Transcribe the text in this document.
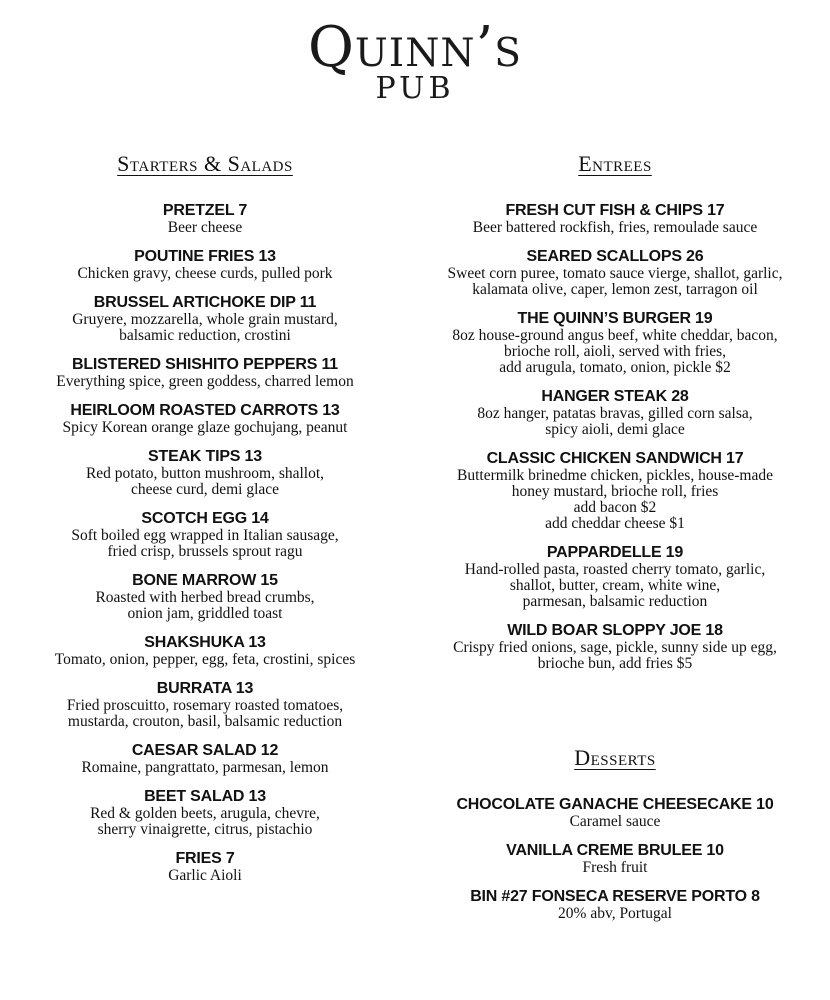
Quinn’s
PUB
Starters & Salads
PRETZEL 7
Beer cheese
POUTINE FRIES 13
Chicken gravy, cheese curds, pulled pork
BRUSSEL ARTICHOKE DIP 11
Gruyere, mozzarella, whole grain mustard,
balsamic reduction, crostini
BLISTERED SHISHITO PEPPERS 11
Everything spice, green goddess, charred lemon
HEIRLOOM ROASTED CARROTS 13
Spicy Korean orange glaze gochujang, peanut
STEAK TIPS 13
Red potato, button mushroom, shallot,
cheese curd, demi glace
SCOTCH EGG 14
Soft boiled egg wrapped in Italian sausage,
fried crisp, brussels sprout ragu
BONE MARROW 15
Roasted with herbed bread crumbs,
onion jam, griddled toast
SHAKSHUKA 13
Tomato, onion, pepper, egg, feta, crostini, spices
BURRATA 13
Fried proscuitto, rosemary roasted tomatoes,
mustarda, crouton, basil, balsamic reduction
CAESAR SALAD 12
Romaine, pangrattato, parmesan, lemon
BEET SALAD 13
Red & golden beets, arugula, chevre,
sherry vinaigrette, citrus, pistachio
FRIES 7
Garlic Aioli
Entrees
FRESH CUT FISH & CHIPS 17
Beer battered rockfish, fries, remoulade sauce
SEARED SCALLOPS 26
Sweet corn puree, tomato sauce vierge, shallot, garlic,
kalamata olive, caper, lemon zest, tarragon oil
THE QUINN’S BURGER 19
8oz house-ground angus beef, white cheddar, bacon,
brioche roll, aioli, served with fries,
add arugula, tomato, onion, pickle $2
HANGER STEAK 28
8oz hanger, patatas bravas, gilled corn salsa,
spicy aioli, demi glace
CLASSIC CHICKEN SANDWICH 17
Buttermilk brinedme chicken, pickles, house-made
honey mustard, brioche roll, fries
add bacon $2
add cheddar cheese $1
PAPPARDELLE 19
Hand-rolled pasta, roasted cherry tomato, garlic,
shallot, butter, cream, white wine,
parmesan, balsamic reduction
WILD BOAR SLOPPY JOE 18
Crispy fried onions, sage, pickle, sunny side up egg,
brioche bun, add fries $5
Desserts
CHOCOLATE GANACHE CHEESECAKE 10
Caramel sauce
VANILLA CREME BRULEE 10
Fresh fruit
BIN #27 FONSECA RESERVE PORTO 8
20% abv, Portugal
